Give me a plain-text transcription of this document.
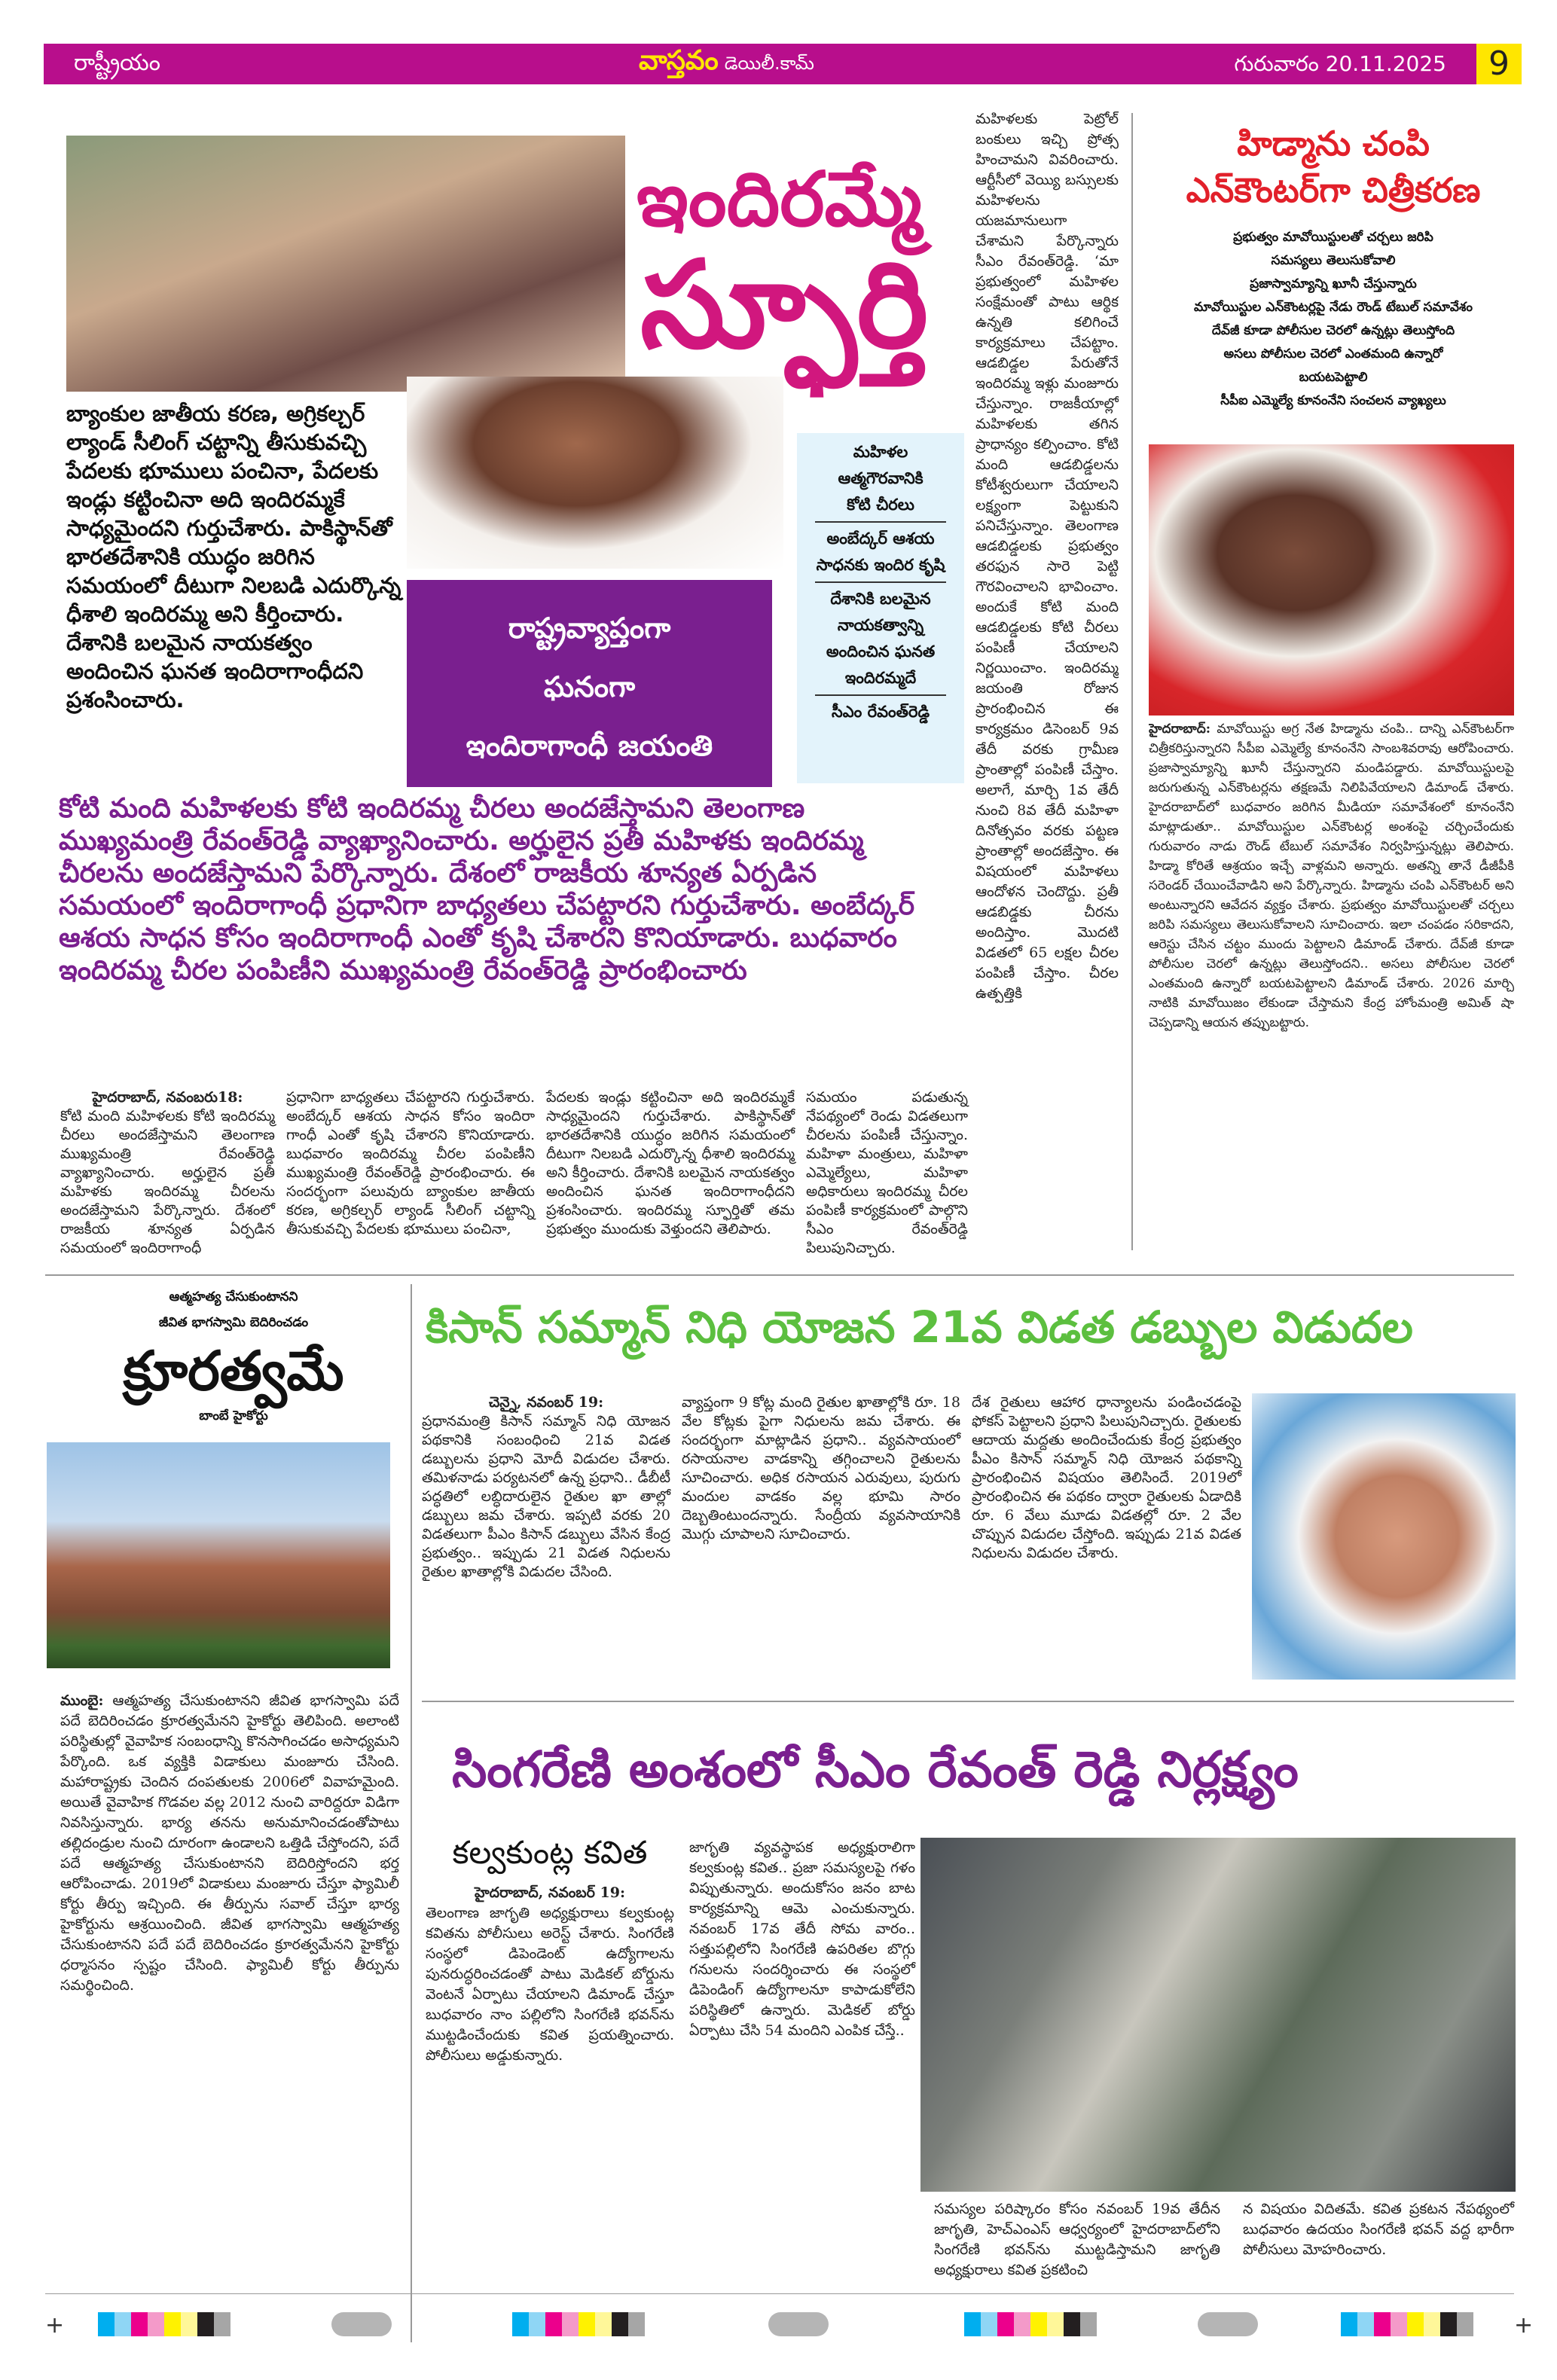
రాష్ట్రీయం	వాస్తవం డెయిలీ.కామ్	గురువారం 20.11.2025	9
ఇందిరమ్మే
స్ఫూర్తి
బ్యాంకుల జాతీయ కరణ, అగ్రికల్చర్ ల్యాండ్ సీలింగ్ చట్టాన్ని తీసుకువచ్చి పేదలకు భూములు పంచినా, పేదలకు ఇండ్లు కట్టించినా అది ఇందిరమ్మకే సాధ్యమైందని గుర్తుచేశారు. పాకిస్థాన్‌తో భారతదేశానికి యుద్ధం జరిగిన సమయంలో దీటుగా నిలబడి ఎదుర్కొన్న ధీశాలి ఇందిరమ్మ అని కీర్తించారు. దేశానికి బలమైన నాయకత్వం అందించిన ఘనత ఇందిరాగాంధీదని ప్రశంసించారు.
రాష్ట్రవ్యాప్తంగా
ఘనంగా
ఇందిరాగాంధీ జయంతి
మహిళల
ఆత్మగౌరవానికి
కోటి చీరలు
అంబేద్కర్ ఆశయ
సాధనకు ఇందిర కృషి
దేశానికి బలమైన
నాయకత్వాన్ని
అందించిన ఘనత
ఇందిరమ్మదే
సీఎం రేవంత్‌రెడ్డి
మహిళలకు పెట్రోల్ బంకులు ఇచ్చి ప్రోత్స హించామని వివరించారు. ఆర్టీసీలో వెయ్యి బస్సులకు మహిళలను యజమానులుగా చేశామని పేర్కొన్నారు సీఎం రేవంత్‌రెడ్డి. ‘మా ప్రభుత్వంలో మహిళల సంక్షేమంతో పాటు ఆర్థిక ఉన్నతి కలిగించే కార్యక్రమాలు చేపట్టాం. ఆడబిడ్డల పేరుతోనే ఇందిరమ్మ ఇళ్లు మంజూరు చేస్తున్నాం. రాజకీయాల్లో మహిళలకు తగిన ప్రాధాన్యం కల్పించాం. కోటి మంది ఆడబిడ్డలను కోటీశ్వరులుగా చేయాలని లక్ష్యంగా పెట్టుకుని పనిచేస్తున్నాం. తెలంగాణ ఆడబిడ్డలకు ప్రభుత్వం తరఫున సారె పెట్టి గౌరవించాలని భావించాం. అందుకే కోటి మంది ఆడబిడ్డలకు కోటి చీరలు పంపిణీ చేయాలని నిర్ణయించాం. ఇందిరమ్మ జయంతి రోజున ప్రారంభించిన ఈ కార్యక్రమం డిసెంబర్ 9వ తేదీ వరకు గ్రామీణ ప్రాంతాల్లో పంపిణీ చేస్తాం. అలాగే, మార్చి 1వ తేదీ నుంచి 8వ తేదీ మహిళా దినోత్సవం వరకు పట్టణ ప్రాంతాల్లో అందజేస్తాం. ఈ విషయంలో మహిళలు ఆందోళన చెందొద్దు. ప్రతీ ఆడబిడ్డకు చీరను అందిస్తాం. మొదటి విడతలో 65 లక్షల చీరల పంపిణీ చేస్తాం. చీరల ఉత్పత్తికి
కోటి మంది మహిళలకు కోటి ఇందిరమ్మ చీరలు అందజేస్తామని తెలంగాణ ముఖ్యమంత్రి రేవంత్‌రెడ్డి వ్యాఖ్యానించారు. అర్హులైన ప్రతీ మహిళకు ఇందిరమ్మ చీరలను అందజేస్తామని పేర్కొన్నారు. దేశంలో రాజకీయ శూన్యత ఏర్పడిన సమయంలో ఇందిరాగాంధీ ప్రధానిగా బాధ్యతలు చేపట్టారని గుర్తుచేశారు. అంబేద్కర్ ఆశయ సాధన కోసం ఇందిరాగాంధీ ఎంతో కృషి చేశారని కొనియాడారు. బుధవారం ఇందిరమ్మ చీరల పంపిణీని ముఖ్యమంత్రి రేవంత్‌రెడ్డి ప్రారంభించారు
హైదరాబాద్, నవంబరు18:
కోటి మంది మహిళలకు కోటి ఇందిరమ్మ చీరలు అందజేస్తామని తెలంగాణ ముఖ్యమంత్రి రేవంత్‌రెడ్డి వ్యాఖ్యానించారు. అర్హులైన ప్రతీ మహిళకు ఇందిరమ్మ చీరలను అందజేస్తామని పేర్కొన్నారు. దేశంలో రాజకీయ శూన్యత ఏర్పడిన సమయంలో ఇందిరాగాంధీ
ప్రధానిగా బాధ్యతలు చేపట్టారని గుర్తుచేశారు. అంబేద్కర్ ఆశయ సాధన కోసం ఇందిరా గాంధీ ఎంతో కృషి చేశారని కొనియాడారు. బుధవారం ఇందిరమ్మ చీరల పంపిణీని ముఖ్యమంత్రి రేవంత్‌రెడ్డి ప్రారంభించారు. ఈ సందర్భంగా పలువురు బ్యాంకుల జాతీయ కరణ, అగ్రికల్చర్ ల్యాండ్ సీలింగ్ చట్టాన్ని తీసుకువచ్చి పేదలకు భూములు పంచినా,
పేదలకు ఇండ్లు కట్టించినా అది ఇందిరమ్మకే సాధ్యమైందని గుర్తుచేశారు. పాకిస్థాన్‌తో భారతదేశానికి యుద్ధం జరిగిన సమయంలో దీటుగా నిలబడి ఎదుర్కొన్న ధీశాలి ఇందిరమ్మ అని కీర్తించారు. దేశానికి బలమైన నాయకత్వం అందించిన ఘనత ఇందిరాగాంధీదని ప్రశంసించారు. ఇందిరమ్మ స్ఫూర్తితో తమ ప్రభుత్వం ముందుకు వెళ్తుందని తెలిపారు.
సమయం పడుతున్న నేపథ్యంలో రెండు విడతలుగా చీరలను పంపిణీ చేస్తున్నాం. మహిళా మంత్రులు, మహిళా ఎమ్మెల్యేలు, మహిళా అధికారులు ఇందిరమ్మ చీరల పంపిణీ కార్యక్రమంలో పాల్గొని సీఎం రేవంత్‌రెడ్డి పిలుపునిచ్చారు.
హిడ్మాను చంపి
ఎన్‌కౌంటర్‌గా చిత్రీకరణ
ప్రభుత్వం మావోయిస్టులతో చర్చలు జరిపి
సమస్యలు తెలుసుకోవాలి
ప్రజాస్వామ్యాన్ని ఖూనీ చేస్తున్నారు
మావోయిస్టుల ఎన్‌కౌంటర్లపై నేడు రౌండ్ టేబుల్ సమావేశం
దేవ్‌జీ కూడా పోలీసుల చెరలో ఉన్నట్లు తెలుస్తోంది
అసలు పోలీసుల చెరలో ఎంతమంది ఉన్నారో
బయటపెట్టాలి
సీపీఐ ఎమ్మెల్యే కూనంనేని సంచలన వ్యాఖ్యలు
హైదరాబాద్: మావోయిస్టు అగ్ర నేత హిడ్మాను చంపి.. దాన్ని ఎన్‌కౌంటర్‌గా చిత్రీకరిస్తున్నారని సీపీఐ ఎమ్మెల్యే కూనంనేని సాంబశివరావు ఆరోపించారు. ప్రజాస్వామ్యాన్ని ఖూనీ చేస్తున్నారని మండిపడ్డారు. మావోయిస్టులపై జరుగుతున్న ఎన్‌కౌంటర్లను తక్షణమే నిలిపివేయాలని డిమాండ్ చేశారు. హైదరాబాద్‌లో బుధవారం జరిగిన మీడియా సమావేశంలో కూనంనేని మాట్లాడుతూ.. మావోయిస్టుల ఎన్‌కౌంటర్ల అంశంపై చర్చించేందుకు గురువారం నాడు రౌండ్ టేబుల్ సమావేశం నిర్వహిస్తున్నట్లు తెలిపారు. హిడ్మా కోరితే ఆశ్రయం ఇచ్చే వాళ్లమని అన్నారు. అతన్ని తానే డీజీపీకి సరెండర్ చేయించేవాడిని అని పేర్కొన్నారు. హిడ్మాను చంపి ఎన్‌కౌంటర్ అని అంటున్నారని ఆవేదన వ్యక్తం చేశారు. ప్రభుత్వం మావోయిస్టులతో చర్చలు జరిపి సమస్యలు తెలుసుకోవాలని సూచించారు. ఇలా చంపడం సరికాదని, ఆరెస్టు చేసిన చట్టం ముందు పెట్టాలని డిమాండ్ చేశారు. దేవ్‌జీ కూడా పోలీసుల చెరలో ఉన్నట్లు తెలుస్తోందని.. అసలు పోలీసుల చెరలో ఎంతమంది ఉన్నారో బయటపెట్టాలని డిమాండ్ చేశారు. 2026 మార్చి నాటికి మావోయిజం లేకుండా చేస్తామని కేంద్ర హోంమంత్రి అమిత్ షా చెప్పడాన్ని ఆయన తప్పుబట్టారు.
ఆత్మహత్య చేసుకుంటానని
జీవిత భాగస్వామి బెదిరించడం
క్రూరత్వమే
బాంబే హైకోర్టు
ముంబై: ఆత్మహత్య చేసుకుంటానని జీవిత భాగస్వామి పదే పదే బెదిరించడం క్రూరత్వమేనని హైకోర్టు తెలిపింది. అలాంటి పరిస్థితుల్లో వైవాహిక సంబంధాన్ని కొనసాగించడం అసాధ్యమని పేర్కొంది. ఒక వ్యక్తికి విడాకులు మంజూరు చేసింది. మహారాష్ట్రకు చెందిన దంపతులకు 2006లో వివాహమైంది. అయితే వైవాహిక గొడవల వల్ల 2012 నుంచి వారిద్దరూ విడిగా నివసిస్తున్నారు. భార్య తనను అనుమానించడంతోపాటు తల్లిదండ్రుల నుంచి దూరంగా ఉండాలని ఒత్తిడి చేస్తోందని, పదే పదే ఆత్మహత్య చేసుకుంటానని బెదిరిస్తోందని భర్త ఆరోపించాడు. 2019లో విడాకులు మంజూరు చేస్తూ ఫ్యామిలీ కోర్టు తీర్పు ఇచ్చింది. ఈ తీర్పును సవాల్ చేస్తూ భార్య హైకోర్టును ఆశ్రయించింది. జీవిత భాగస్వామి ఆత్మహత్య చేసుకుంటానని పదే పదే బెదిరించడం క్రూరత్వమేనని హైకోర్టు ధర్మాసనం స్పష్టం చేసింది. ఫ్యామిలీ కోర్టు తీర్పును సమర్థించింది.
కిసాన్ సమ్మాన్ నిధి యోజన 21వ విడత డబ్బుల విడుదల
చెన్నై, నవంబర్ 19:
ప్రధానమంత్రి కిసాన్ సమ్మాన్ నిధి యోజన పథకానికి సంబంధించి 21వ విడత డబ్బులను ప్రధాని మోదీ విడుదల చేశారు. తమిళనాడు పర్యటనలో ఉన్న ప్రధాని.. డీబీటీ పద్ధతిలో లబ్ధిదారులైన రైతుల ఖా తాల్లో డబ్బులు జమ చేశారు. ఇప్పటి వరకు 20 విడతలుగా పీఎం కిసాన్ డబ్బులు వేసిన కేంద్ర ప్రభుత్వం.. ఇప్పుడు 21 విడత నిధులను రైతుల ఖాతాల్లోకి విడుదల చేసింది.
వ్యాప్తంగా 9 కోట్ల మంది రైతుల ఖాతాల్లోకి రూ. 18 వేల కోట్లకు పైగా నిధులను జమ చేశారు. ఈ సందర్భంగా మాట్లాడిన ప్రధాని.. వ్యవసాయంలో రసాయనాల వాడకాన్ని తగ్గించాలని రైతులను సూచించారు. అధిక రసాయన ఎరువులు, పురుగు మందుల వాడకం వల్ల భూమి సారం దెబ్బతింటుందన్నారు. సేంద్రీయ వ్యవసాయానికి మొగ్గు చూపాలని సూచించారు.
దేశ రైతులు ఆహార ధాన్యాలను పండించడంపై ఫోకస్ పెట్టాలని ప్రధాని పిలుపునిచ్చారు. రైతులకు ఆదాయ మద్దతు అందించేందుకు కేంద్ర ప్రభుత్వం పీఎం కిసాన్ సమ్మాన్ నిధి యోజన పథకాన్ని ప్రారంభించిన విషయం తెలిసిందే. 2019లో ప్రారంభించిన ఈ పథకం ద్వారా రైతులకు ఏడాదికి రూ. 6 వేలు మూడు విడతల్లో రూ. 2 వేల చొప్పున విడుదల చేస్తోంది. ఇప్పుడు 21వ విడత నిధులను విడుదల చేశారు.
సింగరేణి అంశంలో సీఎం రేవంత్ రెడ్డి నిర్లక్ష్యం
కల్వకుంట్ల కవిత
హైదరాబాద్, నవంబర్ 19:
తెలంగాణ జాగృతి అధ్యక్షురాలు కల్వకుంట్ల కవితను పోలీసులు అరెస్ట్ చేశారు. సింగరేణి సంస్థలో డిపెండెంట్ ఉద్యోగాలను పునరుద్ధరించడంతో పాటు మెడికల్ బోర్డును వెంటనే ఏర్పాటు చేయాలని డిమాండ్ చేస్తూ బుధవారం నాం పల్లిలోని సింగరేణి భవన్‌ను ముట్టడించేందుకు కవిత ప్రయత్నించారు. పోలీసులు అడ్డుకున్నారు.
జాగృతి వ్యవస్థాపక అధ్యక్షురాలిగా కల్వకుంట్ల కవిత.. ప్రజా సమస్యలపై గళం విప్పుతున్నారు. అందుకోసం జనం బాట కార్యక్రమాన్ని ఆమె ఎంచుకున్నారు. నవంబర్ 17వ తేదీ సోమ వారం.. సత్తుపల్లిలోని సింగరేణి ఉపరితల బొగ్గు గనులను సందర్శించారు ఈ సంస్థలో డిపెండింగ్ ఉద్యోగాలనూ కాపాడుకోలేని పరిస్థితిలో ఉన్నారు. మెడికల్ బోర్డు ఏర్పాటు చేసి 54 మందిని ఎంపిక చేస్తే..
సమస్యల పరిష్కారం కోసం నవంబర్ 19వ తేదీన జాగృతి, హెచ్ఎంఎస్ ఆధ్వర్యంలో హైదరాబాద్‌లోని సింగరేణి భవన్‌ను ముట్టడిస్తామని జాగృతి అధ్యక్షురాలు కవిత ప్రకటించి
న విషయం విదితమే. కవిత ప్రకటన నేపథ్యంలో బుధవారం ఉదయం సింగరేణి భవన్ వద్ద భారీగా పోలీసులు మోహరించారు.
+	+
